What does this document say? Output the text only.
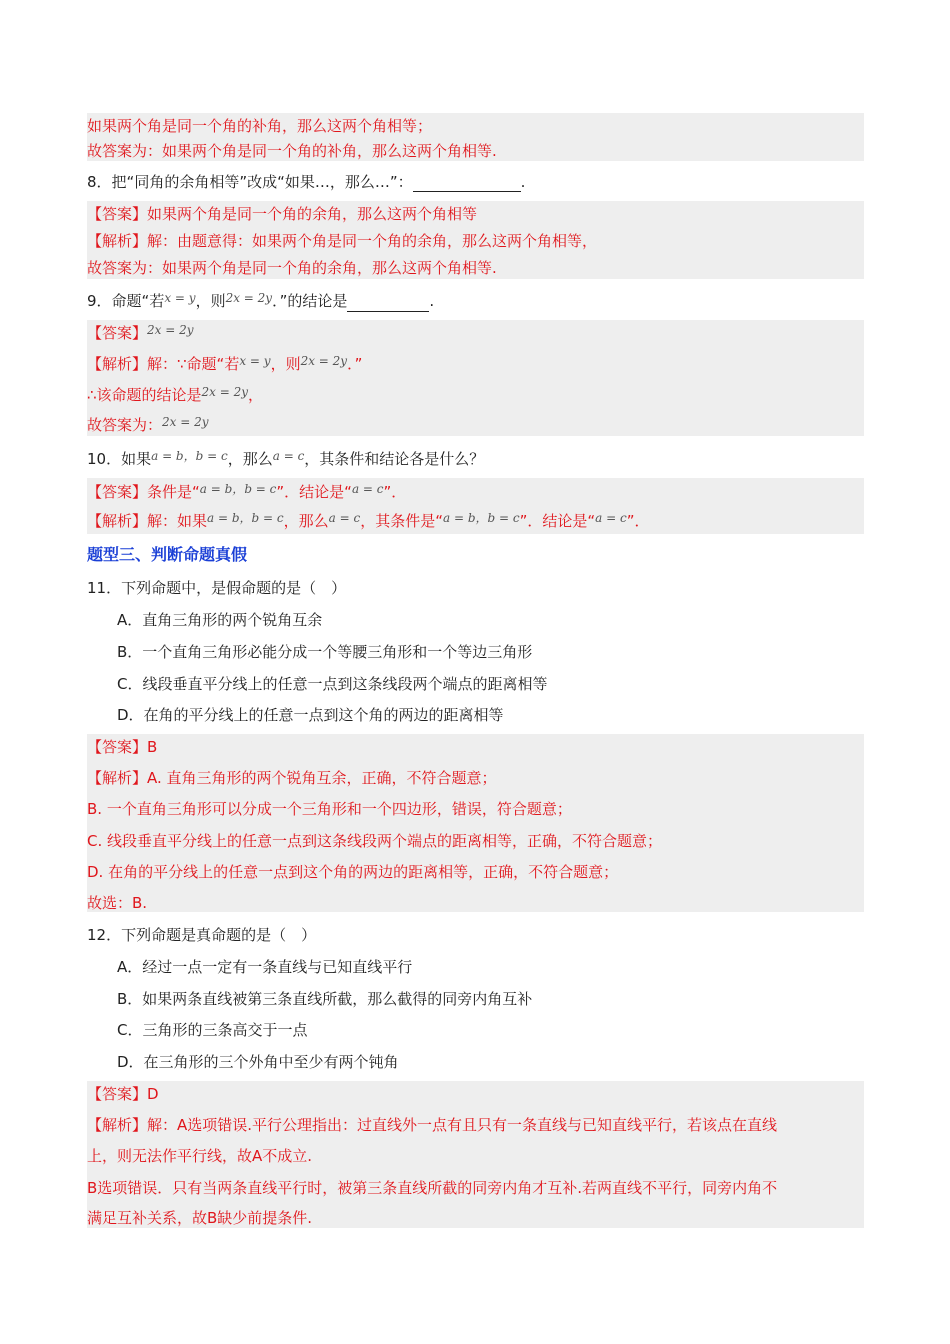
如果两个角是同一个角的补角，那么这两个角相等；
故答案为：如果两个角是同一个角的补角，那么这两个角相等.
8．把“同角的余角相等”改成“如果…，那么…”：	.
【答案】如果两个角是同一个角的余角，那么这两个角相等
【解析】解：由题意得：如果两个角是同一个角的余角，那么这两个角相等，
故答案为：如果两个角是同一个角的余角，那么这两个角相等.
9．命题“若$^{x = y}$，则$^{2x = 2y}$．”的结论是	.
【答案】$^{2x = 2y}$
【解析】解：∵命题“若$^{x = y}$，则$^{2x = 2y}$．”
∴该命题的结论是$^{2x = 2y}$，
故答案为：$^{2x = 2y}$
10．如果$^{a = b,b = c}$，那么$^{a = c}$，其条件和结论各是什么？
【答案】条件是“$^{a = b,b = c}$”．结论是“$^{a = c}$”．
【解析】解：如果$^{a = b,b = c}$，那么$^{a = c}$，其条件是“$^{a = b,b = c}$”．结论是“$^{a = c}$”．
题型三、判断命题真假
11．下列命题中，是假命题的是（　）
A．直角三角形的两个锐角互余
B．一个直角三角形必能分成一个等腰三角形和一个等边三角形
C．线段垂直平分线上的任意一点到这条线段两个端点的距离相等
D．在角的平分线上的任意一点到这个角的两边的距离相等
【答案】B
【解析】A. 直角三角形的两个锐角互余，正确，不符合题意；
B. 一个直角三角形可以分成一个三角形和一个四边形，错误，符合题意；
C. 线段垂直平分线上的任意一点到这条线段两个端点的距离相等，正确，不符合题意；
D. 在角的平分线上的任意一点到这个角的两边的距离相等，正确，不符合题意；
故选：B.
12．下列命题是真命题的是（　）
A．经过一点一定有一条直线与已知直线平行
B．如果两条直线被第三条直线所截，那么截得的同旁内角互补
C．三角形的三条高交于一点
D．在三角形的三个外角中至少有两个钝角
【答案】D
【解析】解：A选项错误.平行公理指出：过直线外一点有且只有一条直线与已知直线平行，若该点在直线
上，则无法作平行线，故A不成立.
B选项错误．只有当两条直线平行时，被第三条直线所截的同旁内角才互补.若两直线不平行，同旁内角不
满足互补关系，故B缺少前提条件.
